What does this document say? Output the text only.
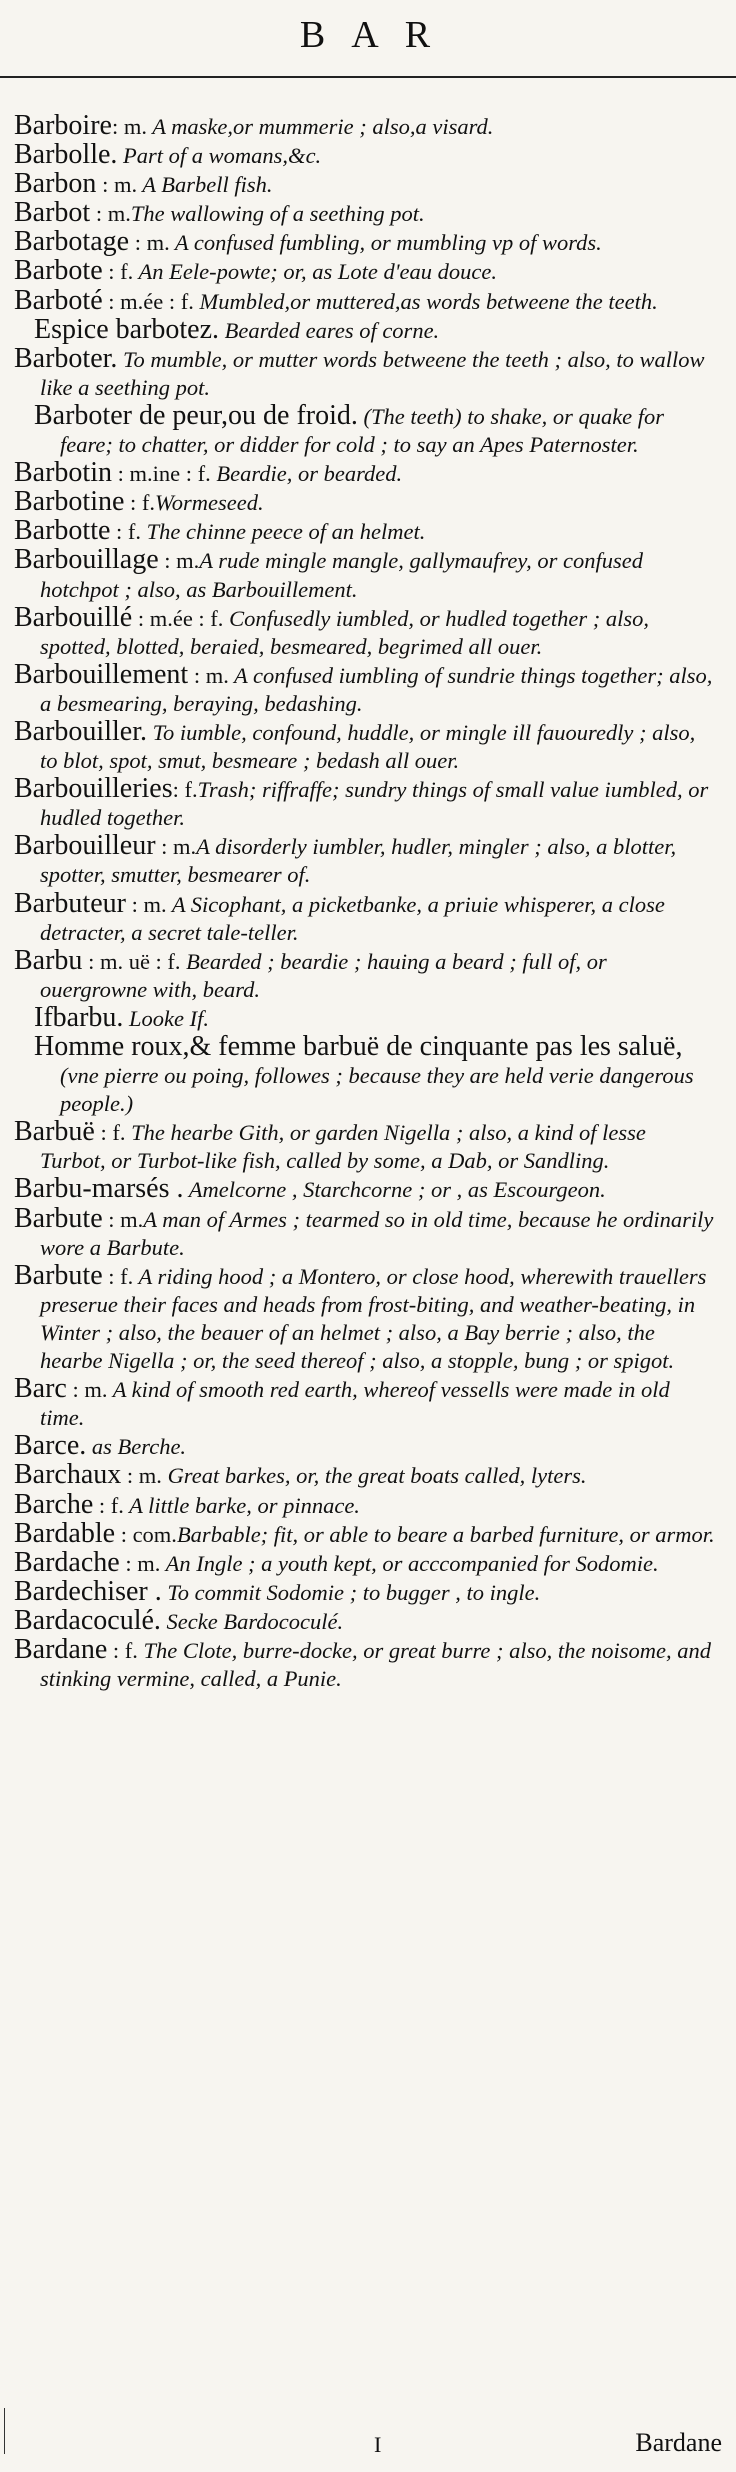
BAR

Barboire: m. A maske,or mummerie ; also,a visard.

Barbolle. Part of a womans,&c.

Barbon : m. A Barbell fish.

Barbot : m.The wallowing of a seething pot.

Barbotage : m. A confused fumbling, or mumbling vp of words.

Barbote : f. An Eele-powte; or, as Lote d'eau douce.

Barboté : m.ée : f. Mumbled,or muttered,as words betweene the teeth.

Espice barbotez. Bearded eares of corne.

Barboter. To mumble, or mutter words betweene the teeth ; also, to wallow like a seething pot.

Barboter de peur,ou de froid. (The teeth) to shake, or quake for feare; to chatter, or didder for cold ; to say an Apes Paternoster.

Barbotin : m.ine : f. Beardie, or bearded.

Barbotine : f.Wormeseed.

Barbotte : f. The chinne peece of an helmet.

Barbouillage : m.A rude mingle mangle, gallymaufrey, or confused hotchpot ; also, as Barbouillement.

Barbouillé : m.ée : f. Confusedly iumbled, or hudled together ; also, spotted, blotted, beraied, besmeared, begrimed all ouer.

Barbouillement : m. A confused iumbling of sundrie things together; also, a besmearing, beraying, bedashing.

Barbouiller. To iumble, confound, huddle, or mingle ill fauouredly ; also, to blot, spot, smut, besmeare ; bedash all ouer.

Barbouilleries: f.Trash; riffraffe; sundry things of small value iumbled, or hudled together.

Barbouilleur : m.A disorderly iumbler, hudler, mingler ; also, a blotter, spotter, smutter, besmearer of.

Barbuteur : m. A Sicophant, a picketbanke, a priuie whisperer, a close detracter, a secret tale-teller.

Barbu : m. uë : f. Bearded ; beardie ; hauing a beard ; full of, or ouergrowne with, beard.

Ifbarbu. Looke If.

Homme roux,& femme barbuë de cinquante pas les saluë, (vne pierre ou poing, followes ; because they are held verie dangerous people.)

Barbuë : f. The hearbe Gith, or garden Nigella ; also, a kind of lesse Turbot, or Turbot-like fish, called by some, a Dab, or Sandling.

Barbu-marsés . Amelcorne , Starchcorne ; or , as Escourgeon.

Barbute : m.A man of Armes ; tearmed so in old time, because he ordinarily wore a Barbute.

Barbute : f. A riding hood ; a Montero, or close hood, wherewith trauellers preserue their faces and heads from frost-biting, and weather-beating, in Winter ; also, the beauer of an helmet ; also, a Bay berrie ; also, the hearbe Nigella ; or, the seed thereof ; also, a stopple, bung ; or spigot.

Barc : m. A kind of smooth red earth, whereof vessells were made in old time.

Barce. as Berche.

Barchaux : m. Great barkes, or, the great boats called, lyters.

Barche : f. A little barke, or pinnace.

Bardable : com.Barbable; fit, or able to beare a barbed furniture, or armor.

Bardache : m. An Ingle ; a youth kept, or acccompanied for Sodomie.

Bardechiser . To commit Sodomie ; to bugger , to ingle.

Bardacoculé. Secke Bardococulé.

Bardane : f. The Clote, burre-docke, or great burre ; also, the noisome, and stinking vermine, called, a Punie.

I	Bardane
